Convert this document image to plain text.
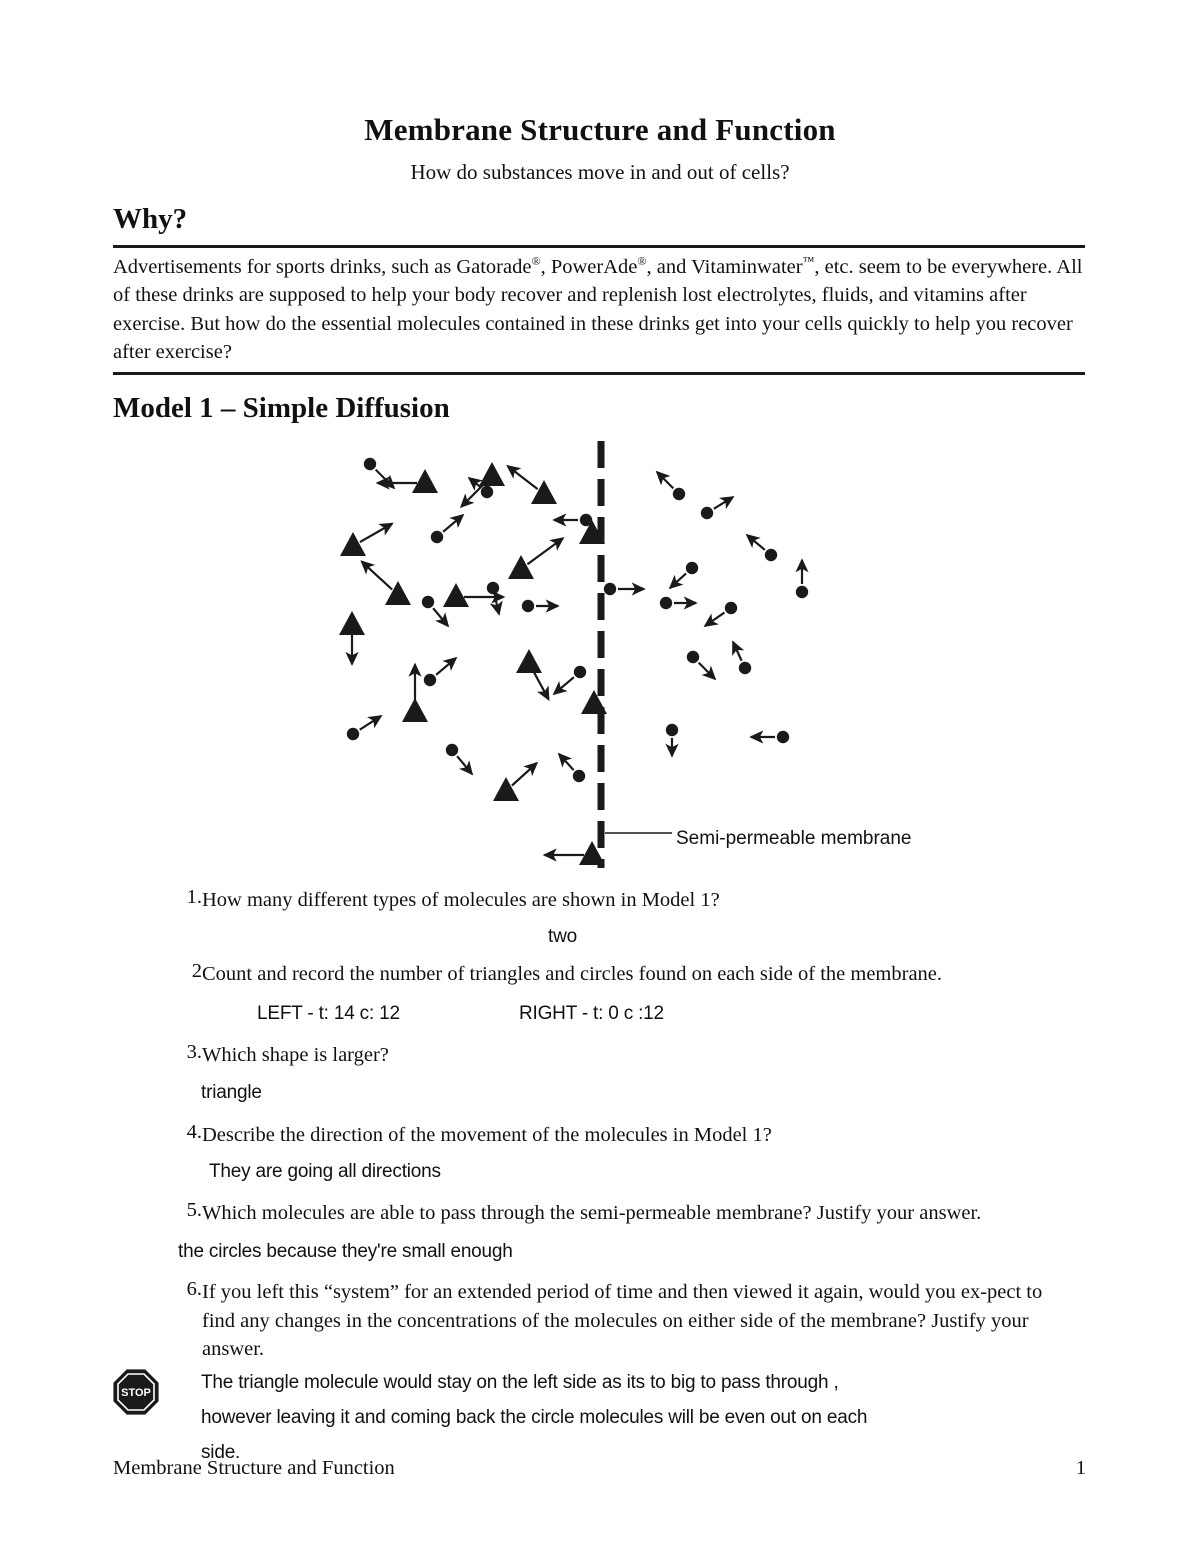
Membrane Structure and Function
How do substances move in and out of cells?
Why?
Advertisements for sports drinks, such as Gatorade®, PowerAde®, and Vitaminwater™, etc. seem to be everywhere. All of these drinks are supposed to help your body recover and replenish lost electrolytes, fluids, and vitamins after exercise. But how do the essential molecules contained in these drinks get into your cells quickly to help you recover after exercise?
Model 1 – Simple Diffusion
Semi-permeable membrane
1. How many different types of molecules are shown in Model 1?
two
2 Count and record the number of triangles and circles found on each side of the membrane.
LEFT - t: 14 c: 12	RIGHT - t: 0 c :12
3. Which shape is larger?
triangle
4. Describe the direction of the movement of the molecules in Model 1?
They are going all directions
5. Which molecules are able to pass through the semi-permeable membrane? Justify your answer.
the circles because they're small enough
6. If you left this “system” for an extended period of time and then viewed it again, would you ex-pect to find any changes in the concentrations of the molecules on either side of the membrane? Justify your answer.
STOP	The triangle molecule would stay on the left side as its to big to pass through ,
however leaving it and coming back the circle molecules will be even out on each
side.
Membrane Structure and Function	1
